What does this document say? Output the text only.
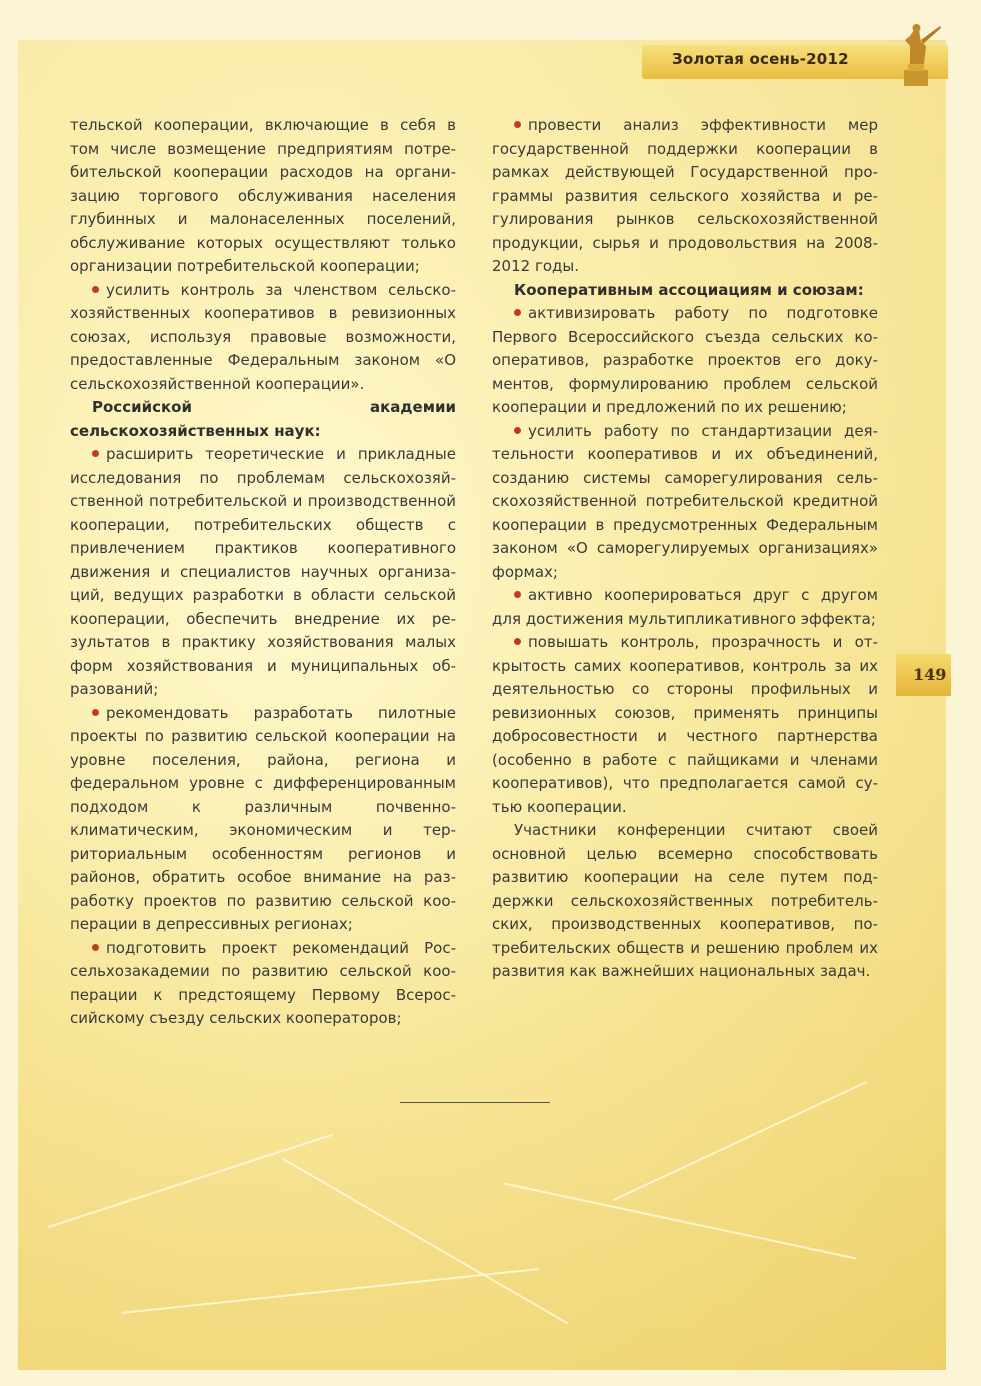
Золотая осень-2012
149

тельской кооперации, включающие в себя в том числе возмещение предприятиям потребительской кооперации расходов на организацию торгового обслуживания населения глубинных и малонаселенных поселений, обслуживание которых осуществляют только организации потребительской кооперации;

усилить контроль за членством сельскохозяйственных кооперативов в ревизионных союзах, используя правовые возможности, предоставленные Федеральным законом «О сельскохозяйственной кооперации».

Российской академии сельскохозяйственных наук:

расширить теоретические и прикладные исследования по проблемам сельскохозяйственной потребительской и производственной кооперации, потребительских обществ с привлечением практиков кооперативного движения и специалистов научных организаций, ведущих разработки в области сельской кооперации, обеспечить внедрение их результатов в практику хозяйствования малых форм хозяйствования и муниципальных образований;

рекомендовать разработать пилотные проекты по развитию сельской кооперации на уровне поселения, района, региона и федеральном уровне с дифференцированным подходом к различным почвенноклиматическим, экономическим и территориальным особенностям регионов и районов, обратить особое внимание на разработку проектов по развитию сельской кооперации в депрессивных регионах;

подготовить проект рекомендаций Россельхозакадемии по развитию сельской кооперации к предстоящему Первому Всероссийскому съезду сельских кооператоров;

провести анализ эффективности мер государственной поддержки кооперации в рамках действующей Государственной программы развития сельского хозяйства и регулирования рынков сельскохозяйственной продукции, сырья и продовольствия на 2008-2012 годы.

Кооперативным ассоциациям и союзам:

активизировать работу по подготовке Первого Всероссийского съезда сельских кооперативов, разработке проектов его документов, формулированию проблем сельской кооперации и предложений по их решению;

усилить работу по стандартизации деятельности кооперативов и их объединений, созданию системы саморегулирования сельскохозяйственной потребительской кредитной кооперации в предусмотренных Федеральным законом «О саморегулируемых организациях» формах;

активно кооперироваться друг с другом для достижения мультипликативного эффекта;

повышать контроль, прозрачность и открытость самих кооперативов, контроль за их деятельностью со стороны профильных и ревизионных союзов, применять принципы добросовестности и честного партнерства (особенно в работе с пайщиками и членами кооперативов), что предполагается самой сутью кооперации.

Участники конференции считают своей основной целью всемерно способствовать развитию кооперации на селе путем поддержки сельскохозяйственных потребительских, производственных кооперативов, потребительских обществ и решению проблем их развития как важнейших национальных задач.
